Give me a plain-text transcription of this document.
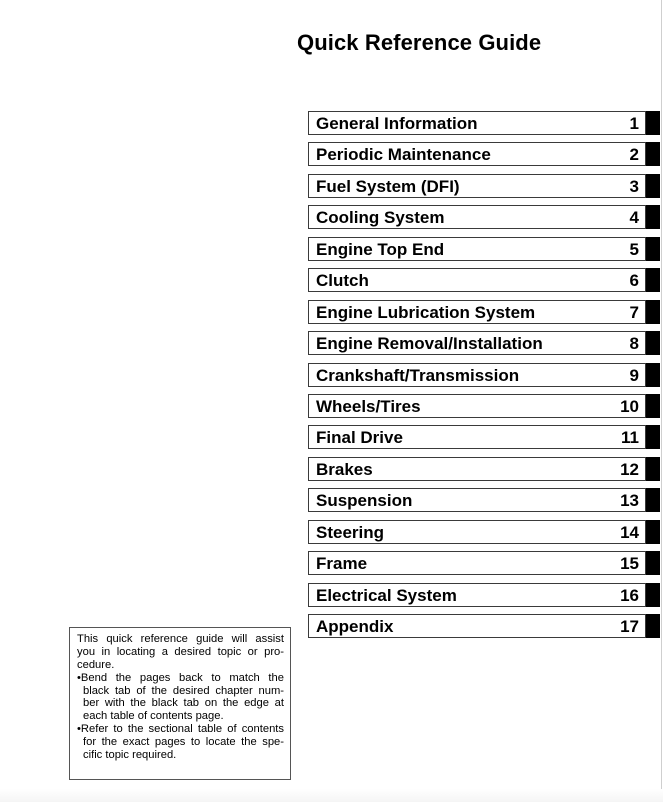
Quick Reference Guide
General Information	1
Periodic Maintenance	2
Fuel System (DFI)	3
Cooling System	4
Engine Top End	5
Clutch	6
Engine Lubrication System	7
Engine Removal/Installation	8
Crankshaft/Transmission	9
Wheels/Tires	10
Final Drive	11
Brakes	12
Suspension	13
Steering	14
Frame	15
Electrical System	16
Appendix	17
This quick reference guide will assist
you in locating a desired topic or pro-
cedure.
•Bend the pages back to match the
black tab of the desired chapter num-
ber with the black tab on the edge at
each table of contents page.
•Refer to the sectional table of contents
for the exact pages to locate the spe-
cific topic required.
